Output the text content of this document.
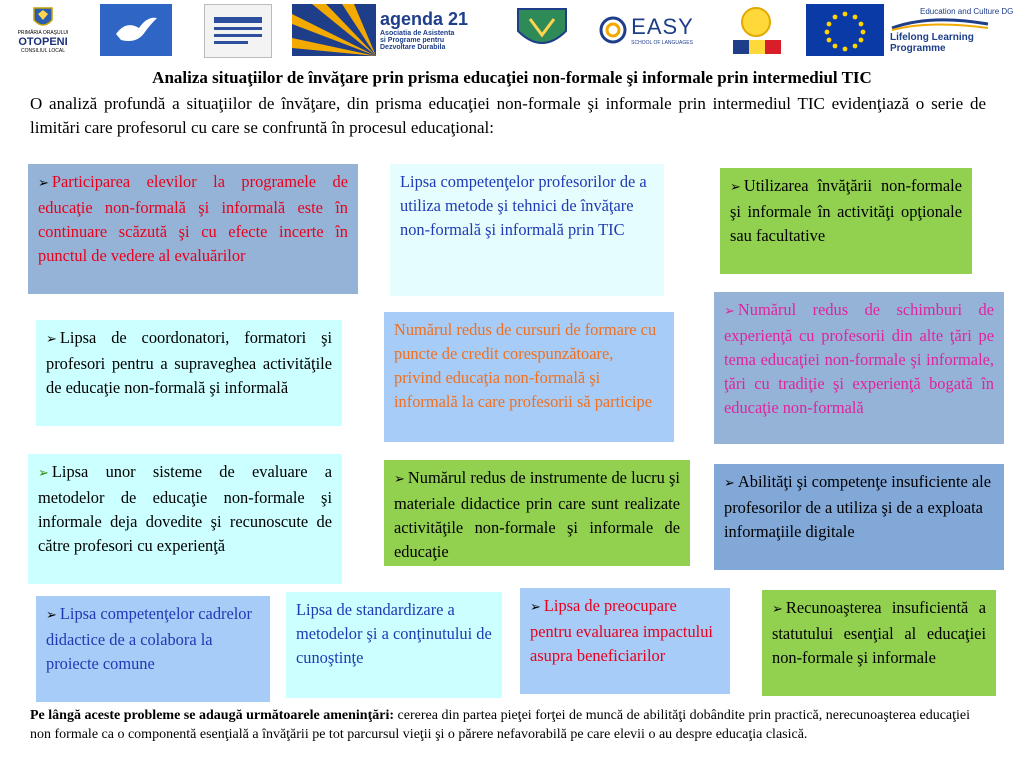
PRIMĂRIA ORAŞULUI
OTOPENI
CONSILIUL LOCAL
agenda 21
Asociatia de Asistenta
si Programe pentru
Dezvoltare Durabila
EASY
SCHOOL OF LANGUAGES
Education and Culture DG
Lifelong Learning Programme
Analiza situaţiilor de învăţare prin prisma educaţiei non-formale şi informale prin intermediul TIC
O analiză profundă a situaţiilor de învăţare, din prisma educaţiei non-formale şi informale prin intermediul TIC evidenţiază o serie de limitări care profesorul cu care se confruntă în procesul educaţional:
➢ Participarea elevilor la programele de educaţie non-formală şi informală este în continuare scăzută şi cu efecte incerte în punctul de vedere al evaluărilor
Lipsa competenţelor profesorilor de a utiliza metode şi tehnici de învăţare non-formală şi informală prin TIC
➢ Utilizarea învăţării non-formale şi informale în activităţi opţionale sau facultative
➢ Lipsa de coordonatori, formatori şi profesori pentru a supraveghea activităţile de educaţie non-formală şi informală
Numărul redus de cursuri de formare cu puncte de credit corespunzătoare, privind educaţia non-formală şi informală la care profesorii să participe
➢ Numărul redus de schimburi de experienţă cu profesorii din alte ţări pe tema educaţiei non-formale şi informale, ţări cu tradiţie şi experienţă bogată în educaţie non-formală
➢ Lipsa unor sisteme de evaluare a metodelor de educaţie non-formale şi informale deja dovedite şi recunoscute de către profesori cu experienţă
➢ Numărul redus de instrumente de lucru şi materiale didactice prin care sunt realizate activităţile non-formale şi informale de educaţie
➢ Abilităţi şi competenţe insuficiente ale profesorilor de a utiliza şi de a exploata informaţiile digitale
➢ Lipsa competenţelor cadrelor didactice de a colabora la proiecte comune
Lipsa de standardizare a metodelor şi a conţinutului de cunoştinţe
➢ Lipsa de preocupare pentru evaluarea impactului asupra beneficiarilor
➢ Recunoaşterea insuficientă a statutului esenţial al educaţiei non-formale şi informale
Pe lângă aceste probleme se adaugă următoarele ameninţări: cererea din partea pieţei forţei de muncă de abilităţi dobândite prin practică, nerecunoaşterea educaţiei non formale ca o componentă esenţială a învăţării pe tot parcursul vieţii şi o părere nefavorabilă pe care elevii o au despre educaţia clasică.
